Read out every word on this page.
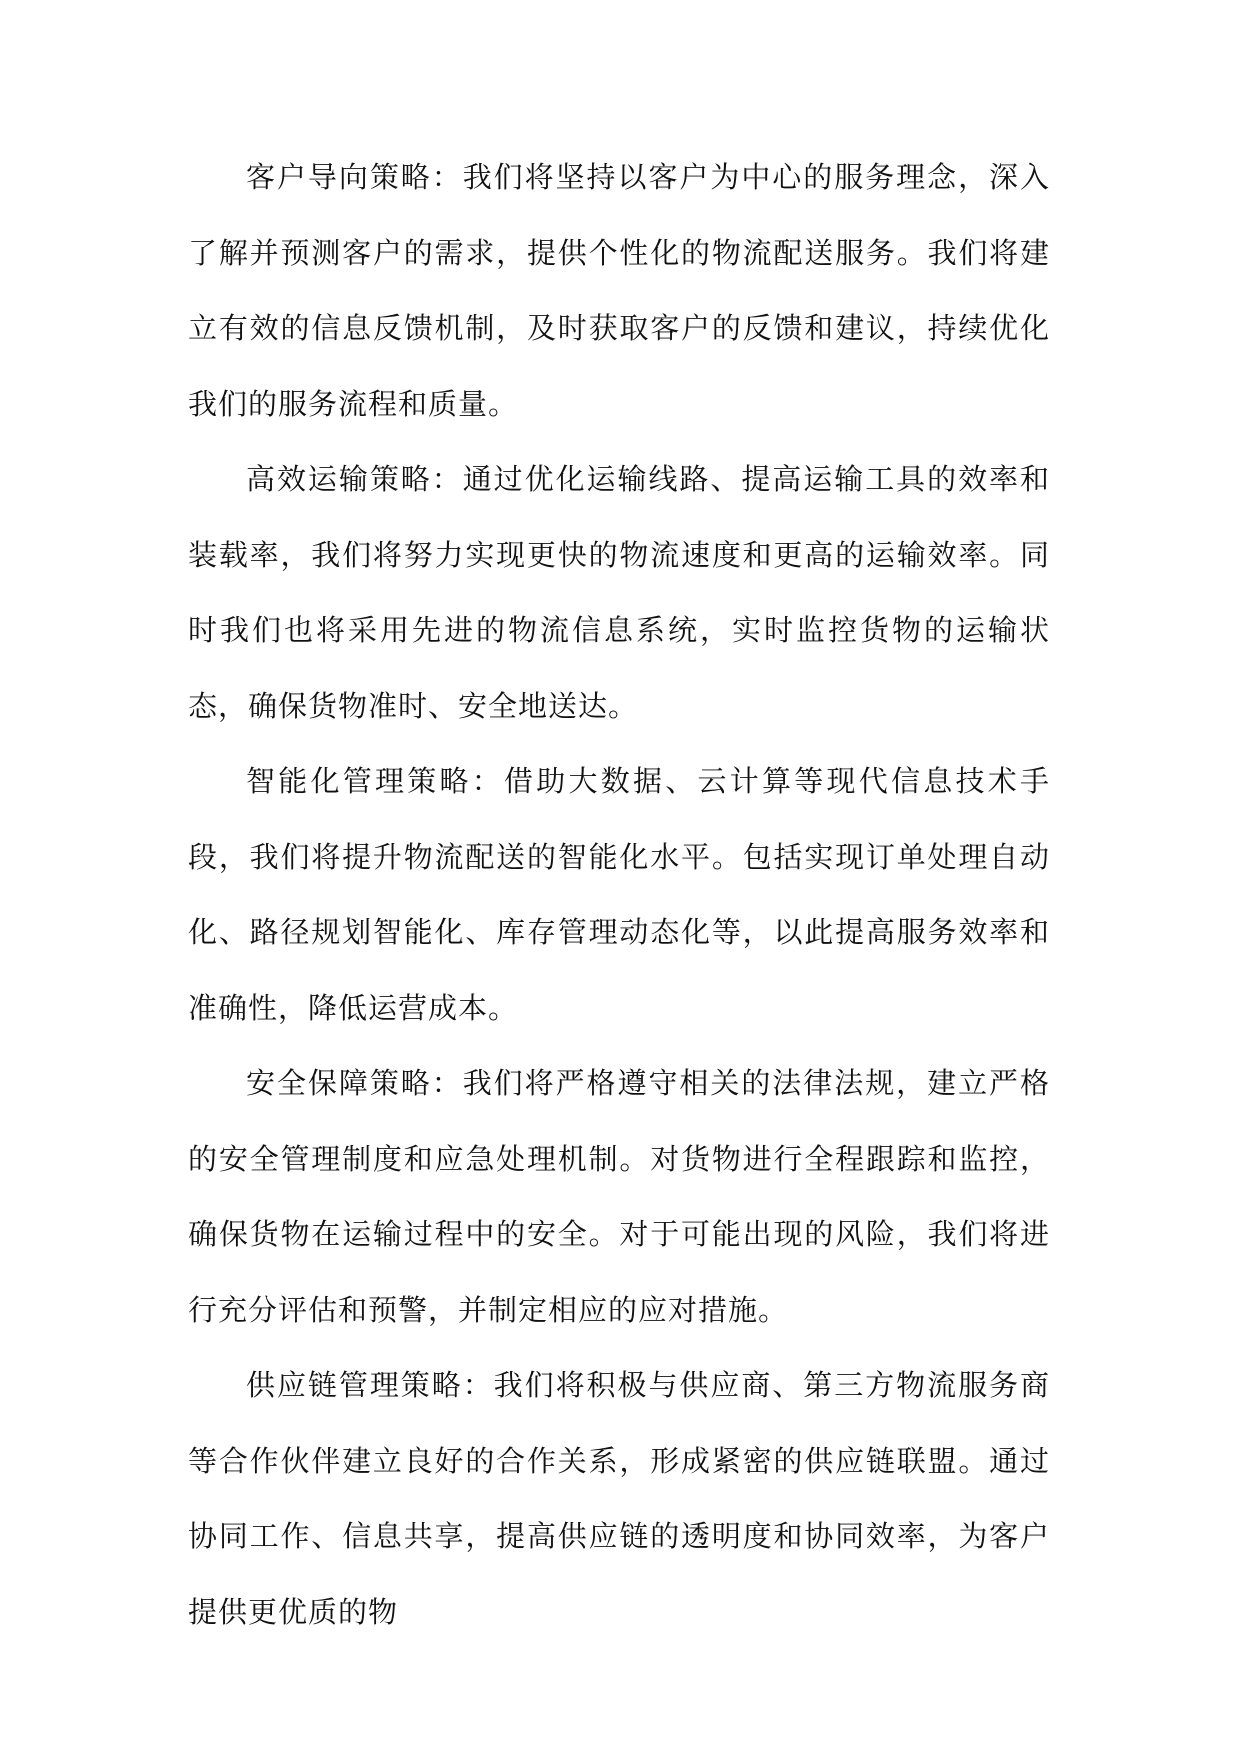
客户导向策略：我们将坚持以客户为中心的服务理念，深入了解并预测客户的需求，提供个性化的物流配送服务。我们将建立有效的信息反馈机制，及时获取客户的反馈和建议，持续优化我们的服务流程和质量。

高效运输策略：通过优化运输线路、提高运输工具的效率和装载率，我们将努力实现更快的物流速度和更高的运输效率。同时我们也将采用先进的物流信息系统，实时监控货物的运输状态，确保货物准时、安全地送达。

智能化管理策略：借助大数据、云计算等现代信息技术手段，我们将提升物流配送的智能化水平。包括实现订单处理自动化、路径规划智能化、库存管理动态化等，以此提高服务效率和准确性，降低运营成本。

安全保障策略：我们将严格遵守相关的法律法规，建立严格的安全管理制度和应急处理机制。对货物进行全程跟踪和监控，确保货物在运输过程中的安全。对于可能出现的风险，我们将进行充分评估和预警，并制定相应的应对措施。

供应链管理策略：我们将积极与供应商、第三方物流服务商等合作伙伴建立良好的合作关系，形成紧密的供应链联盟。通过协同工作、信息共享，提高供应链的透明度和协同效率，为客户提供更优质的物
